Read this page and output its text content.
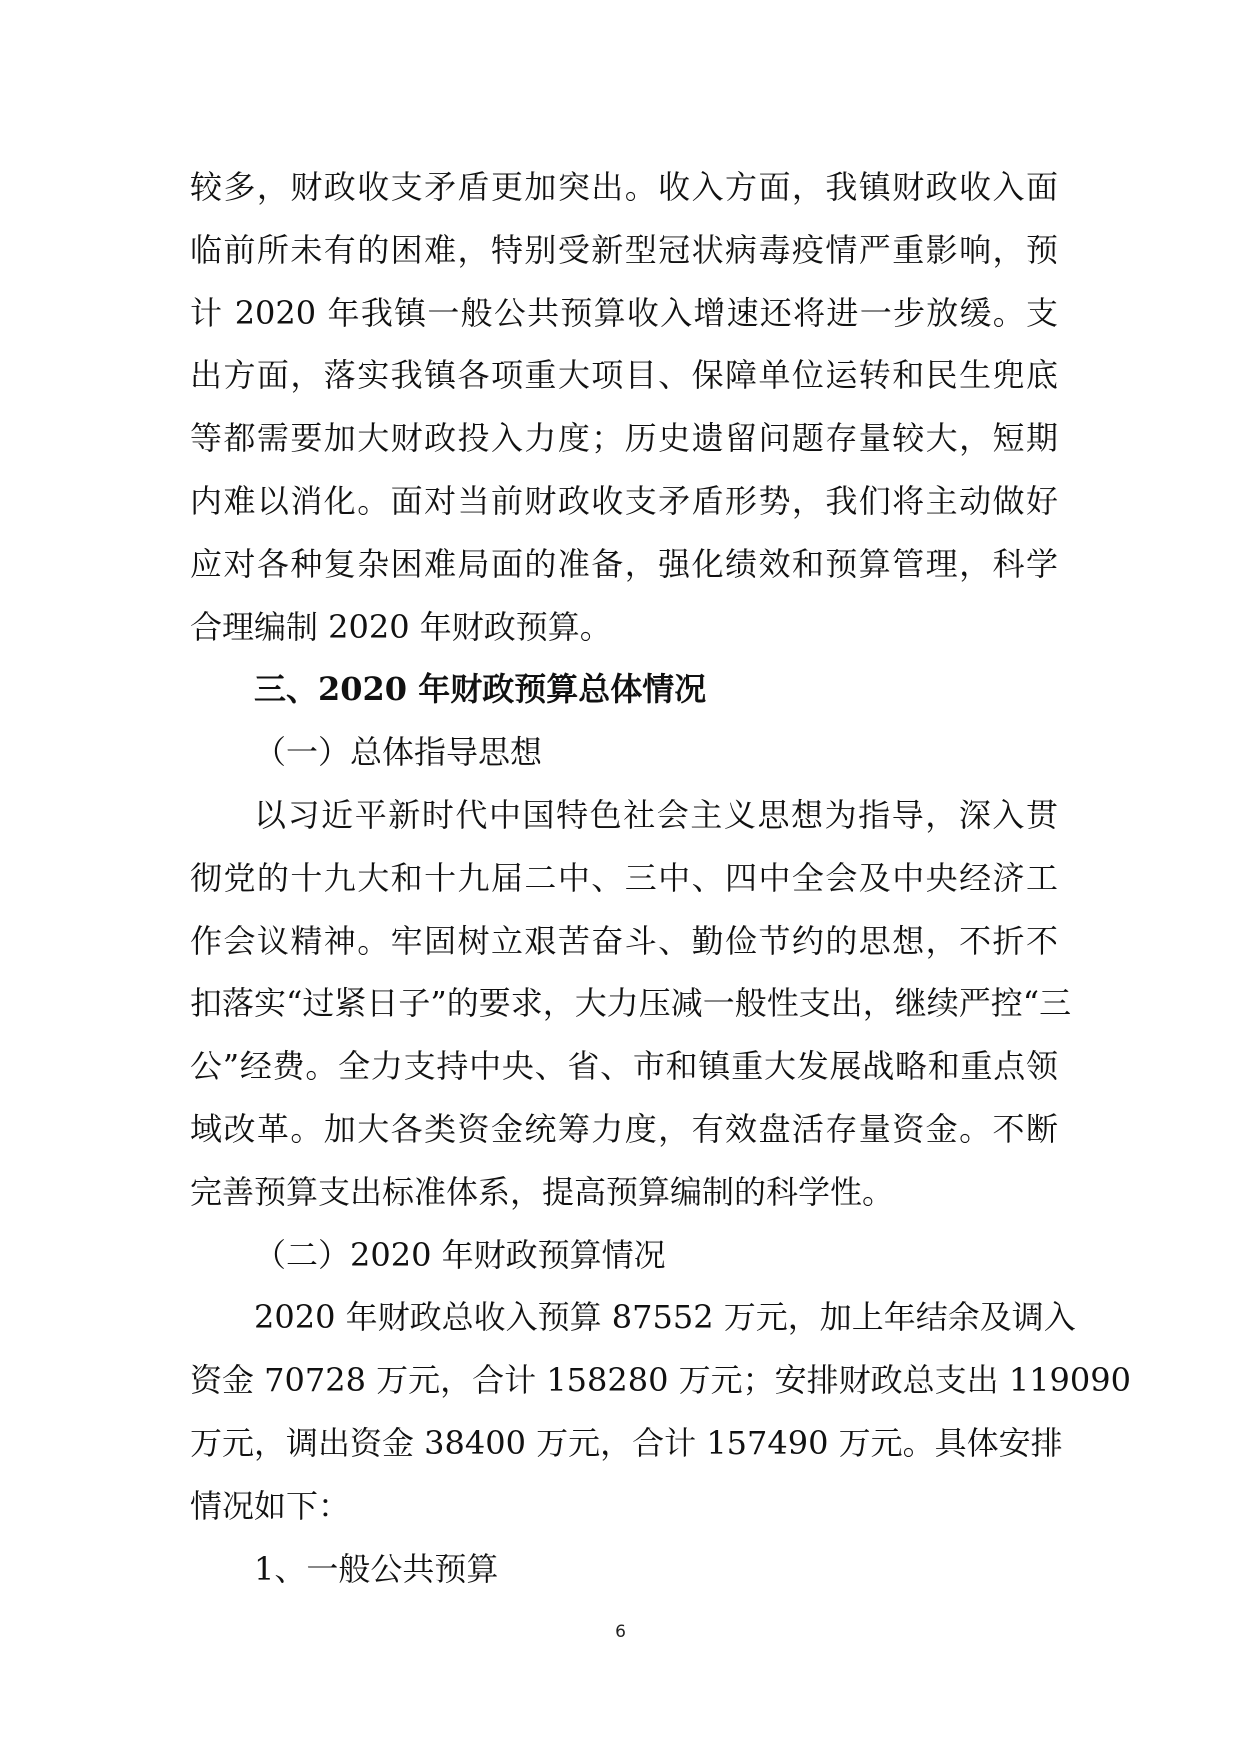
较多，财政收支矛盾更加突出。收入方面，我镇财政收入面
临前所未有的困难，特别受新型冠状病毒疫情严重影响，预
计 2020 年我镇一般公共预算收入增速还将进一步放缓。支
出方面，落实我镇各项重大项目、保障单位运转和民生兜底
等都需要加大财政投入力度；历史遗留问题存量较大，短期
内难以消化。面对当前财政收支矛盾形势，我们将主动做好
应对各种复杂困难局面的准备，强化绩效和预算管理，科学
合理编制 2020 年财政预算。
三、2020 年财政预算总体情况
（一）总体指导思想
以习近平新时代中国特色社会主义思想为指导，深入贯
彻党的十九大和十九届二中、三中、四中全会及中央经济工
作会议精神。牢固树立艰苦奋斗、勤俭节约的思想，不折不
扣落实“过紧日子”的要求，大力压减一般性支出，继续严控“三
公”经费。全力支持中央、省、市和镇重大发展战略和重点领
域改革。加大各类资金统筹力度，有效盘活存量资金。不断
完善预算支出标准体系，提高预算编制的科学性。
（二）2020 年财政预算情况
2020 年财政总收入预算 87552 万元，加上年结余及调入
资金 70728 万元，合计 158280 万元；安排财政总支出 119090
万元，调出资金 38400 万元，合计 157490 万元。具体安排
情况如下：
1、一般公共预算
6
